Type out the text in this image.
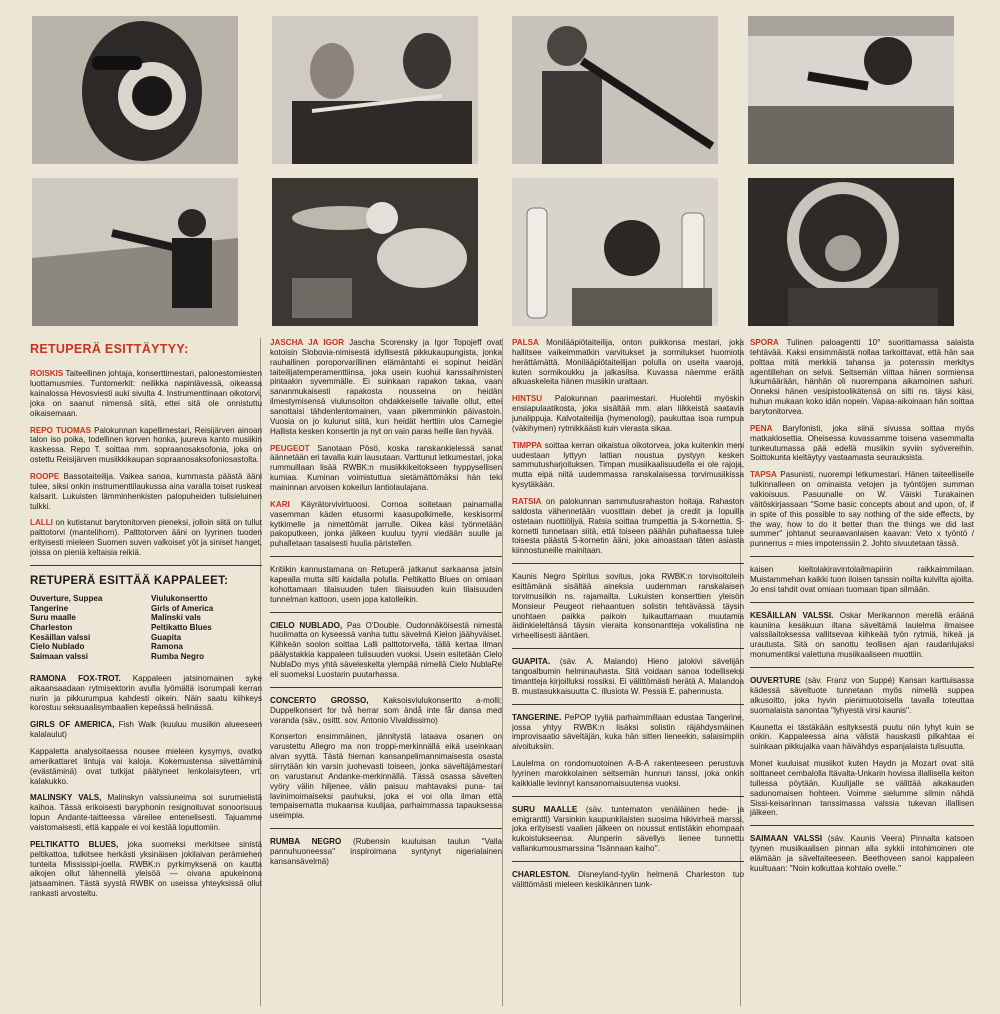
RETUPERÄ ESITTÄYTYY:

ROISKIS Taiteellinen johtaja, konserttimestari, palonestomiesten luottamusmies. Tuntomerkit: neilikka napinlävessä, oikeassa kainalossa Hevosviesti auki sivulta 4. Instrumenttinaan oikotorvi, joka on saanut nimensä siitä, ettei sitä ole onnistuttu oikaisemaan.

REPO TUOMAS Palokunnan kapellimestari, Reisijärven ainoan talon iso poika, todellinen korven honka, juureva kanto musiikin kaskessa. Repo T. soittaa mm. sopraanosaksofonia, joka on ostettu Reisijärven musiikkikaupan sopraanosaksofoniosastolta.

ROOPE Bassotaiteilija. Vaikea sanoa, kummasta päästä ääni tulee, siksi onkin instrumenttilaukussa aina varalla toiset ruskeat kalsarit. Lukuisten lämminhenkisten palopuheiden tulisieluinen tulkki.

LALLI on kutistanut barytonitorven pieneksi, jolloin siitä on tullut palttotorvi (mantelihorn). Palttotorven ääni on lyyrinen tuoden erityisesti mieleen Suomen suven valkoiset yöt ja siniset hanget, joissa on pieniä keltaisia reikiä.

RETUPERÄ ESITTÄÄ KAPPALEET:
Ouverture, Suppea
Tangerine
Suru maalle
Charleston
Kesäillan valssi
Cielo Nublado
Saimaan valssi
Viulukonsertto
Girls of America
Malinski vals
Peltikatto Blues
Guapita
Ramona
Rumba Negro

RAMONA FOX-TROT. Kappaleen jatsinomainen syke aikaansaadaan rytmisektorin avulla lyömällä isorumpali kerran nurin ja pikkurumpua kahdesti oikein. Näin saatu kiihkeys korostuu seksuaalisymbaalien kepeässä helinässä.

GIRLS OF AMERICA, Fish Walk (kuuluu musiikin alueeseen kalalaulut)

Kappaletta analysoitaessa nousee mieleen kysymys, ovatko amerikattaret lintuja vai kaloja. Kokemustensa siivettäminä (evästäminä) ovat tutkijat päätyneet lenkolaisyteen, vrt. kalakukko.

MALINSKY VALS, Malinskyn valssiuneima soi surumielistä kaihoa. Tässä erikoisesti baryphonin resignoituvat sonoorisuus lopun Andante-taitteessa väreilee entenelisesti. Tajuamme vaistomaisesti, että kappale ei voi kestää loputtomiin.

PELTIKATTO BLUES, joka suomeksi merkitsee sinistä peltikattoa, tulkitsee herkästi yksinäisen jokilaivan perämiehen tunteita Mississipi-joella. RWBK:n pyrkimyksenä on kautta aikojen ollut lähennellä yleisöä — oivana apukeinona jatsaaminen. Tästä syystä RWBK on useissa yhteyksissä ollut rankasti arvosteltu.

JASCHA JA IGOR Jascha Scorensky ja Igor Topojeff ovat kotoisin Slobovia-nimisestä idyllisestä pikkukaupungista, jonka rauhallinen poroporvarillinen elämäntahti ei sopinut heidän taiteilijatemperamenttiinsa, joka usein kuohui kanssaihmisten pintaakin syvemmälle. Ei suinkaan rapakon takaa, vaan sananmukaisesti rapakosta nousseina on heidän ilmestymisensä viulunsoiton ohdakkeiselle taivalle ollut, ettei sanottaisi tähdenlentomainen, vaan pikemminkin päivastoin. Vuosia on jo kulunut siitä, kun heidät herttiin ulos Carnegie Hallista kesken konsertin ja nyt on vain paras heille ilan hyvää.

PEUGEOT Sanotaan Pösö, koska ranskankielessä sanat äännetään eri tavalla kuin lausutaan. Varttunut letkumestari, joka rummuillaan lisää RWBK:n musiikkikeitokseen hyppysellisen kumiaa. Kuminan voimistuttua sietämättömäksi hän teki maininnan arvoisen kokeilun lantiolaulajana.

KARI Käyrätorvivirtuoosi. Cornoa soitetaan painamalla vasemman käden etusormi kaasupolkimelle, keskisormi kytkimelle ja nimettömät jarrulle. Oikea käsi työnnetään pakoputkeen, jonka jälkeen kuuluu tyyni viedään suulle ja puhalletaan tasaisesti huulia päristellen.

Kritiikin kannustamana on Retuperä jatkanut sarkaansa jatsin kapealla mutta silti kaidalla polulla. Peltikatto Blues on omiaan kohottamaan tilaisuuden tulen tilaisuuden kuin tilaisuuden tunnelman kattoon, usein jopa katolleikin.

CIELO NUBLADO, Pas O'Double. Oudonnäköisestä nimestä huolimatta on kyseessä vanha tuttu sävelmä Kielon jäähyväiset. Kiihkeän soolon soittaa Lalli palttotorvella, tällä kertaa ilman päälystakkia kappaleen tulisuuden vuoksi. Usein esitetään Cielo NublaDo mys yhtä säveleskelta ylempää nimellä Cielo NublaRe eli suomeksi Luostarin puutarhassa.

CONCERTO GROSSO, Kaksoisviulukonsertto a-molli; Duppelkonsert for två herrar som ändå inte får dansa med varanda (säv., osittt. sov. Antonio Vivaldissimo)

Konserton ensimmäinen, jännitystä lataava osanen on varustettu Allegro ma non troppi-merkinnällä eikä useinkaan aivan syyttä. Tästä hieman kansanpelimannimaisesta osasta siirrytään kin varsin juohevasti toiseen, jonka säveltäjämestari on varustanut Andanke-merkinnällä. Tässä osassa sävelten vyöry välin hiljenee, välin paisuu mahtavaksi puna- tai lavinimoimaiseksi pauhuksi, joka ei voi olla ilman että tempaisematta mukaansa kuulijaa, parhaimmassa tapauksessa useimpia.

RUMBA NEGRO (Rubensin kuuluisan taulun ''Valla pannuhuoneessa'' inspiroimana syntynyt nigerialainen kansansävelmä)

PALSA Monilääpiötaiteilija, onton puikkonsa mestari, joka hallitsee vaikeimmatkin varvitukset ja sormitukset huomiota herättämättä. Monilääpiötaiteilijan polulla on useita vaaroja, kuten sormikoukku ja jalkasilsa. Kuvassa näemme eräitä alkuaskeleita hänen musiikin uraltaan.

HINTSU Palokunnan paarimestari. Huolehtii myöskin ensiapulaatikosta, joka sisältää mm. alan liikkeistä saatavia junalippuja. Kalvotaiteilija (hymenologi), paukuttaa isoa rumpua (väkihymen) rytmikkäästi kuin vierasta sikaa.

TIMPPA soittaa kerran oikaistua oikotorvea, joka kuitenkin meni uudestaan lyttyyn lattian noustua pystyyn kesken sammutusharjoituksen. Timpan musiikaalisuudella ei ole rajoja, mutta eipä niitä uudemmassa ranskalaisessa torvimusiikissa kysytäkään.

RATSIA on palokunnan sammutusrahaston hoitaja. Rahaston saldosta vähennetään vuosittain debet ja credit ja lopuilla ostetaan nuottiöljyä. Ratsia soittaa trumpettia ja S-kornettia. S-kornetti tunnetaan siitä, että toiseen päähän puhaltaessa tulee toisesta päästä S-kornetin ääni, joka ainoastaan täten asiasta kiinnostuneille mainitaan.

Kaunis Negro Spiritus sovitus, joka RWBK:n torvisoitolein esittämänä sisältää aineksia uudemman ranskalaisen torvimusiikin ns. rajamailta. Lukuisten konserttien yleisön Monsieur Peugeot riehaantuen solistin tehtävässä täysin unohtaen paikka paikoin luikauttamaan muutamia äidinkieleltänsä täysin vieraita konsonantteja vokalistina ne virheellisesti ääntäen.

GUAPITA. (säv. A. Malando) Hieno jalokivi sävelijän tangoalbumin helminauhasta. Sitä voidaan sanoa todelliseksi timantteja kirjoilluksi rossiksi. Ei välittömästi herätä A. Malandoa B. mustasukkaisuutta C. illusiota W. Pessiä E. pahennusta.

TANGERINE. PePOP tyyliä parhaimmillaan edustaa Tangerine, jossa yhtyy RWBK:n lisäksi solistin räjähdysmäinen improvisaatio säveltäjän, kuka hän sitten lieneekin, salaisimpiin aivoituksiin.

Laulelma on rondomuotoinen A-B-A rakenteeseen perustuva lyyrinen marokkolainen seitsemän hunnun tanssi, joka onkin kaikkialle levinnyt kansanomaisuutensa vuoksi.

SURU MAALLE (säv. tuntematon venäläinen hede- ja emigrantti) Varsinkin kaupunkilaisten suosima hikivirheä marssi, joka erityisesti vaalien jälkeen on noussut entistäkin ehompaan kukoistukseensa. Alunperin sävellys lienee tunnettu vallankumousmarssina ''Isännaan kaiho''.

CHARLESTON. Disneyland-tyylin helmenä Charleston tuo välittömästi mieleen keskiikännen tunk-

SPORA Tulinen paloagentti 10° suorittamassa salaista tehtävää. Kaksi ensimmäistä nollaa tarkoittavat, että hän saa polttaa mitä merkkiä tahansa ja potenssin merkitys agentillehan on selvä. Seitsemän viittaa hänen sormiensa lukumäärään, hänhän oli nuorempana aikamoinen sahuri. Onneksi hänen vesipistoolikätensä on silti ns. täysi käsi, huhun mukaan koko idän nopein. Vapaa-aikoinaan hän soittaa barytonitorvea.

PENA Baryfonisti, joka siinä sivussa soittaa myös matkaklosettia. Oheisessa kuvassamme toisena vasemmalta tunkeutumassa pää edellä musiikin syviin syövereihin. Soittokunta kieltäytyy vastaamasta seurauksista.

TAPSA Pasunisti, nuorempi letkumestari. Hänen taiteelliselle tulkinnalleen on ominaista vetojen ja työntöjen summan vakioisuus. Pasuunalle on W. Väiski Turakainen väitöskirjassaan ''Some basic concepts about and upon, of, if in spite of this possible to say nothing of the side effects, by the way, how to do it better than the things we did last summer'' johtanut seuraavanlaisen kaavan: Veto x työntö / punnerrus = mies impotenssiin 2. Johto sivuutetaan tässä.

kaisen kieltolakiravintolailmapiirin raikkaimmilaan. Muistammehan kaikki tuon iloisen tanssin noilta kuivilta ajoilta. Jo ensi tahdit ovat omiaan tuomaan tipan silmään.

KESÄILLAN VALSSI. Oskar Merikannon merellä eräänä kauniina kesäkuun iltana säveltämä laulelma ilmaisee valssilaitoksessa vallitsevaa kiihkeää työn rytmiä, hikeä ja urautusta. Sitä on sanottu teollisen ajan raudanlujaksi monumentiksi valettuna musiikaaliseen muottiin.

OUVERTURE (säv. Franz von Suppé) Kansan karttuisassa kädessä säveltuote tunnetaan myös nimellä suppea alkusoitto, joka hyvin pienimuotoisella tavalla toteuttaa suomalaista sanontaa ''lyhyestä virsi kaunis''.

Kaunetta ei tästäkään esityksestä puutu niin lyhyt kuin se onkin. Kappaleessa aina välistä hauskasti pilkahtaa ei suinkaan pikkujalka vaan häivähdys espanjalaista tulisuutta.

Monet kuuluisat musiikot kuten Haydn ja Mozart ovat sitä soittaneet cembalolla Itävalta-Unkarin hovissa illallisella keiton tullessa pöytään. Kuulijalle se välittää aikakauden sadunomaisen hohteen. Voimme sielumme silmin nähdä Sissi-keisarinnan tanssimassa valssia tukevan illallisen jälkeen.

SAIMAAN VALSSI (säv. Kaunis Veera) Pinnalta katsoen tyynen musiikaalisen pinnan alla sykkii intohimoinen ote elämään ja säveltaiteeseen. Beethoveen sanoi kappaleen kuultuaan: ''Noin kolkuttaa kohtalo ovelle.''
